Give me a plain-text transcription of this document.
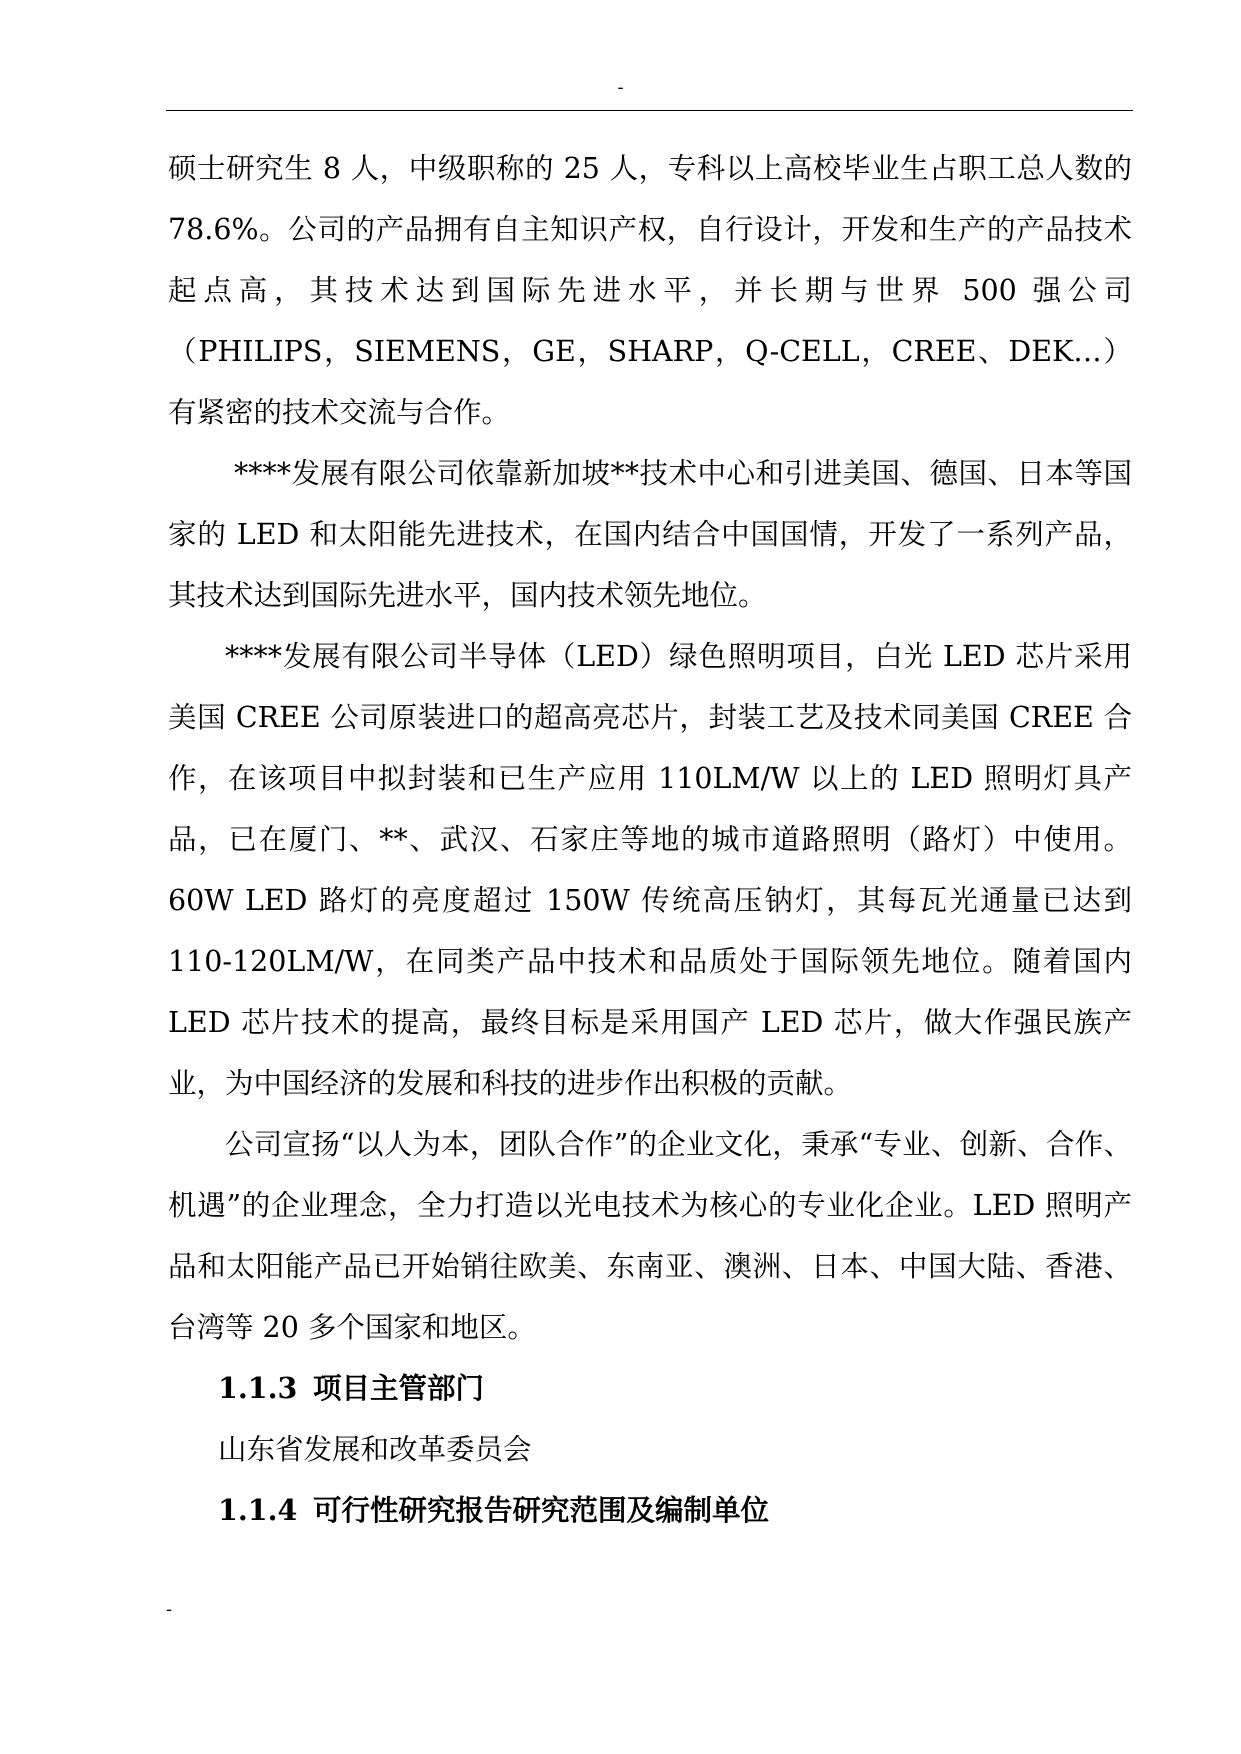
-

硕士研究生 8 人，中级职称的 25 人，专科以上高校毕业生占职工总人数的 78.6%。公司的产品拥有自主知识产权，自行设计，开发和生产的产品技术起点高，其技术达到国际先进水平，并长期与世界 500 强公司（PHILIPS，SIEMENS，GE，SHARP，Q-CELL，CREE、DEK…）有紧密的技术交流与合作。

****发展有限公司依靠新加坡**技术中心和引进美国、德国、日本等国家的 LED 和太阳能先进技术，在国内结合中国国情，开发了一系列产品，其技术达到国际先进水平，国内技术领先地位。

****发展有限公司半导体（LED）绿色照明项目，白光 LED 芯片采用美国 CREE 公司原装进口的超高亮芯片，封装工艺及技术同美国 CREE 合作，在该项目中拟封装和已生产应用 110LM/W 以上的 LED 照明灯具产品，已在厦门、**、武汉、石家庄等地的城市道路照明（路灯）中使用。60W LED 路灯的亮度超过 150W 传统高压钠灯，其每瓦光通量已达到 110-120LM/W，在同类产品中技术和品质处于国际领先地位。随着国内 LED 芯片技术的提高，最终目标是采用国产 LED 芯片，做大作强民族产业，为中国经济的发展和科技的进步作出积极的贡献。

公司宣扬“以人为本，团队合作”的企业文化，秉承“专业、创新、合作、机遇”的企业理念，全力打造以光电技术为核心的专业化企业。LED 照明产品和太阳能产品已开始销往欧美、东南亚、澳洲、日本、中国大陆、香港、台湾等 20 多个国家和地区。

1.1.3 项目主管部门

山东省发展和改革委员会

1.1.4 可行性研究报告研究范围及编制单位
-
